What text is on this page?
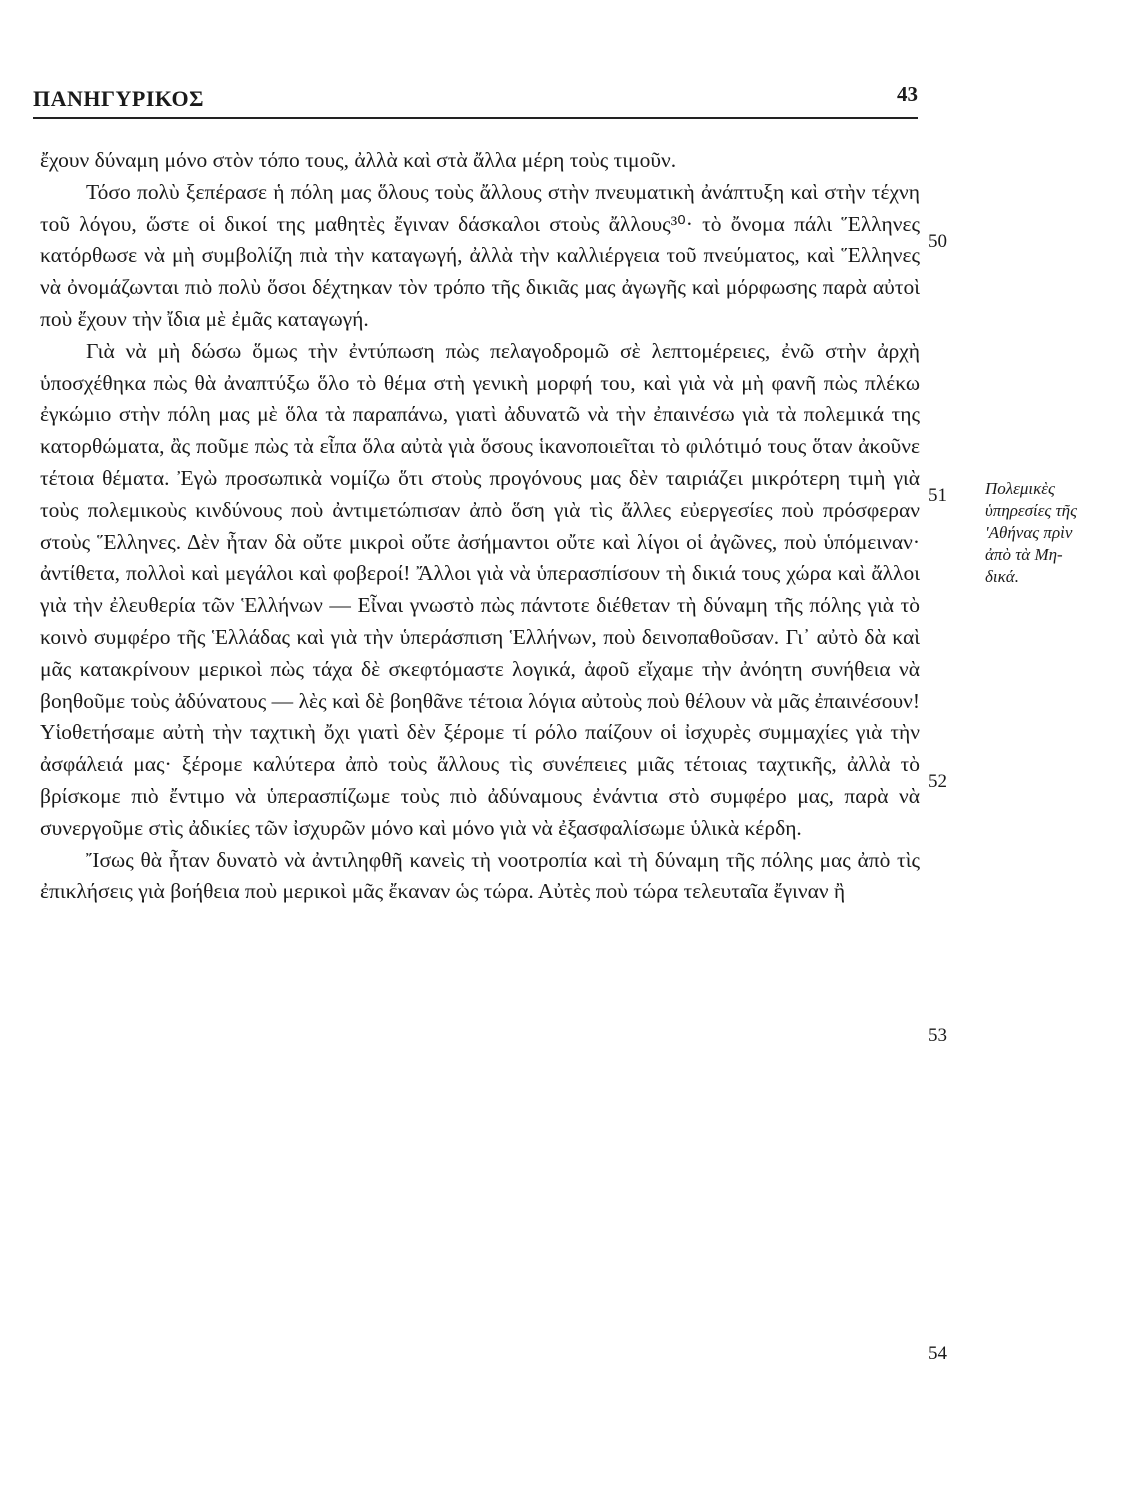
ΠΑΝΗΓΥΡΙΚΟΣ	43

ἔχουν δύναμη μόνο στὸν τόπο τους, ἀλλὰ καὶ στὰ ἄλλα μέρη τοὺς τιμοῦν.

Τόσο πολὺ ξεπέρασε ἡ πόλη μας ὅλους τοὺς ἄλλους στὴν πνευματικὴ ἀνάπτυξη καὶ στὴν τέχνη τοῦ λόγου, ὥστε οἱ δικοί της μαθητὲς ἔγιναν δάσκαλοι στοὺς ἄλλους³⁰· τὸ ὄνομα πάλι Ἕλληνες κατόρθωσε νὰ μὴ συμβολίζη πιὰ τὴν καταγωγή, ἀλλὰ τὴν καλλιέργεια τοῦ πνεύματος, καὶ Ἕλληνες νὰ ὀνομάζωνται πιὸ πολὺ ὅσοι δέχτηκαν τὸν τρόπο τῆς δικιᾶς μας ἀγωγῆς καὶ μόρφωσης παρὰ αὐτοὶ ποὺ ἔχουν τὴν ἴδια μὲ ἐμᾶς καταγωγή.

Γιὰ νὰ μὴ δώσω ὅμως τὴν ἐντύπωση πὼς πελαγοδρομῶ σὲ λεπτομέρειες, ἐνῶ στὴν ἀρχὴ ὑποσχέθηκα πὼς θὰ ἀναπτύξω ὅλο τὸ θέμα στὴ γενικὴ μορφή του, καὶ γιὰ νὰ μὴ φανῆ πὼς πλέκω ἐγκώμιο στὴν πόλη μας μὲ ὅλα τὰ παραπάνω, γιατὶ ἀδυνατῶ νὰ τὴν ἐπαινέσω γιὰ τὰ πολεμικά της κατορθώματα, ἂς ποῦμε πὼς τὰ εἶπα ὅλα αὐτὰ γιὰ ὅσους ἱκανοποιεῖται τὸ φιλότιμό τους ὅταν ἀκοῦνε τέτοια θέματα. Ἐγὼ προσωπικὰ νομίζω ὅτι στοὺς προγόνους μας δὲν ταιριάζει μικρότερη τιμὴ γιὰ τοὺς πολεμικοὺς κινδύνους ποὺ ἀντιμετώπισαν ἀπὸ ὅση γιὰ τὶς ἄλλες εὐεργεσίες ποὺ πρόσφεραν στοὺς Ἕλληνες. Δὲν ἦταν δὰ οὔτε μικροὶ οὔτε ἀσήμαντοι οὔτε καὶ λίγοι οἱ ἀγῶνες, ποὺ ὑπόμειναν· ἀντίθετα, πολλοὶ καὶ μεγάλοι καὶ φοβεροί! Ἄλλοι γιὰ νὰ ὑπερασπίσουν τὴ δικιά τους χώρα καὶ ἄλλοι γιὰ τὴν ἐλευθερία τῶν Ἑλλήνων — Εἶναι γνωστὸ πὼς πάντοτε διέθεταν τὴ δύναμη τῆς πόλης γιὰ τὸ κοινὸ συμφέρο τῆς Ἑλλάδας καὶ γιὰ τὴν ὑπεράσπιση Ἑλλήνων, ποὺ δεινοπαθοῦσαν. Γι᾽ αὐτὸ δὰ καὶ μᾶς κατακρίνουν μερικοὶ πὼς τάχα δὲ σκεφτόμαστε λογικά, ἀφοῦ εἴχαμε τὴν ἀνόητη συνήθεια νὰ βοηθοῦμε τοὺς ἀδύνατους — λὲς καὶ δὲ βοηθᾶνε τέτοια λόγια αὐτοὺς ποὺ θέλουν νὰ μᾶς ἐπαινέσουν! Υἱοθετήσαμε αὐτὴ τὴν ταχτικὴ ὄχι γιατὶ δὲν ξέρομε τί ρόλο παίζουν οἱ ἰσχυρὲς συμμαχίες γιὰ τὴν ἀσφάλειά μας· ξέρομε καλύτερα ἀπὸ τοὺς ἄλλους τὶς συνέπειες μιᾶς τέτοιας ταχτικῆς, ἀλλὰ τὸ βρίσκομε πιὸ ἔντιμο νὰ ὑπερασπίζωμε τοὺς πιὸ ἀδύναμους ἐνάντια στὸ συμφέρο μας, παρὰ νὰ συνεργοῦμε στὶς ἀδικίες τῶν ἰσχυρῶν μόνο καὶ μόνο γιὰ νὰ ἐξασφαλίσωμε ὑλικὰ κέρδη.

Ἴσως θὰ ἦταν δυνατὸ νὰ ἀντιληφθῆ κανεὶς τὴ νοοτροπία καὶ τὴ δύναμη τῆς πόλης μας ἀπὸ τὶς ἐπικλήσεις γιὰ βοήθεια ποὺ μερικοὶ μᾶς ἔκαναν ὡς τώρα. Αὐτὲς ποὺ τώρα τελευταῖα ἔγιναν ἢ

50
51
52
53
54
Πολεμικὲς
ὑπηρεσίες τῆς
'Αθήνας πρὶν
ἀπὸ τὰ Μη-
δικά.
